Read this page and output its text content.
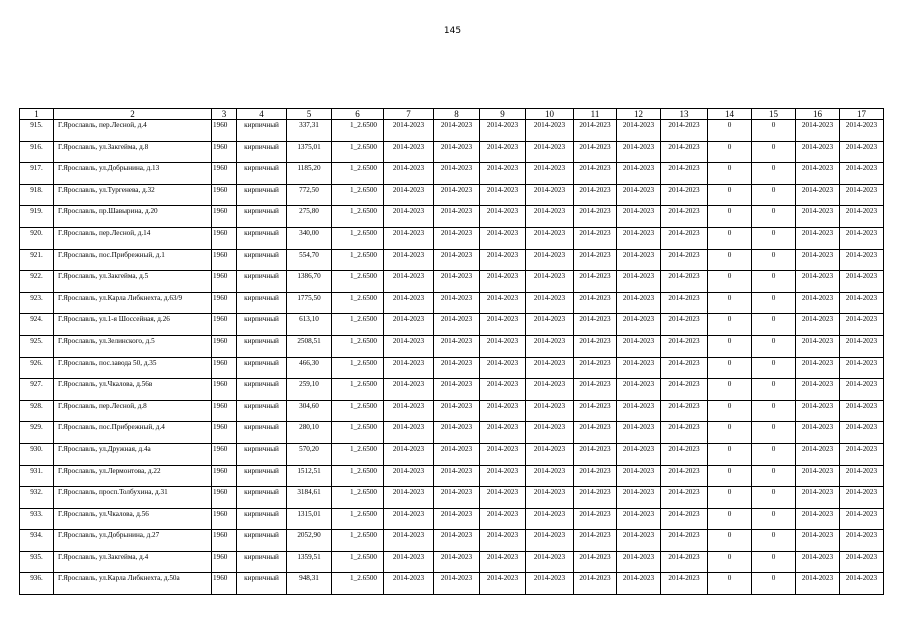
145
1	2	3	4	5	6	7	8	9	10	11	12	13	14	15	16	17
915.	Г.Ярославль, пер.Лесной, д.4	1960	кирпичный	337,31	1_2.6500	2014-2023	2014-2023	2014-2023	2014-2023	2014-2023	2014-2023	2014-2023	0	0	2014-2023	2014-2023
916.	Г.Ярославль, ул.Закгейма, д.8	1960	кирпичный	1375,01	1_2.6500	2014-2023	2014-2023	2014-2023	2014-2023	2014-2023	2014-2023	2014-2023	0	0	2014-2023	2014-2023
917.	Г.Ярославль, ул.Добрынина, д.13	1960	кирпичный	1185,20	1_2.6500	2014-2023	2014-2023	2014-2023	2014-2023	2014-2023	2014-2023	2014-2023	0	0	2014-2023	2014-2023
918.	Г.Ярославль, ул.Тургенева, д.32	1960	кирпичный	772,50	1_2.6500	2014-2023	2014-2023	2014-2023	2014-2023	2014-2023	2014-2023	2014-2023	0	0	2014-2023	2014-2023
919.	Г.Ярославль, пр.Шавырина, д.20	1960	кирпичный	275,80	1_2.6500	2014-2023	2014-2023	2014-2023	2014-2023	2014-2023	2014-2023	2014-2023	0	0	2014-2023	2014-2023
920.	Г.Ярославль, пер.Лесной, д.14	1960	кирпичный	340,00	1_2.6500	2014-2023	2014-2023	2014-2023	2014-2023	2014-2023	2014-2023	2014-2023	0	0	2014-2023	2014-2023
921.	Г.Ярославль, пос.Прибрежный, д.1	1960	кирпичный	554,70	1_2.6500	2014-2023	2014-2023	2014-2023	2014-2023	2014-2023	2014-2023	2014-2023	0	0	2014-2023	2014-2023
922.	Г.Ярославль, ул.Закгейма, д.5	1960	кирпичный	1386,70	1_2.6500	2014-2023	2014-2023	2014-2023	2014-2023	2014-2023	2014-2023	2014-2023	0	0	2014-2023	2014-2023
923.	Г.Ярославль, ул.Карла Либкнехта, д.63/9	1960	кирпичный	1775,50	1_2.6500	2014-2023	2014-2023	2014-2023	2014-2023	2014-2023	2014-2023	2014-2023	0	0	2014-2023	2014-2023
924.	Г.Ярославль, ул.1-я Шоссейная, д.26	1960	кирпичный	613,10	1_2.6500	2014-2023	2014-2023	2014-2023	2014-2023	2014-2023	2014-2023	2014-2023	0	0	2014-2023	2014-2023
925.	Г.Ярославль, ул.Зелинского, д.5	1960	кирпичный	2508,51	1_2.6500	2014-2023	2014-2023	2014-2023	2014-2023	2014-2023	2014-2023	2014-2023	0	0	2014-2023	2014-2023
926.	Г.Ярославль, пос.завода 50, д.35	1960	кирпичный	466,30	1_2.6500	2014-2023	2014-2023	2014-2023	2014-2023	2014-2023	2014-2023	2014-2023	0	0	2014-2023	2014-2023
927.	Г.Ярославль, ул.Чкалова, д.56в	1960	кирпичный	259,10	1_2.6500	2014-2023	2014-2023	2014-2023	2014-2023	2014-2023	2014-2023	2014-2023	0	0	2014-2023	2014-2023
928.	Г.Ярославль, пер.Лесной, д.8	1960	кирпичный	304,60	1_2.6500	2014-2023	2014-2023	2014-2023	2014-2023	2014-2023	2014-2023	2014-2023	0	0	2014-2023	2014-2023
929.	Г.Ярославль, пос.Прибрежный, д.4	1960	кирпичный	280,10	1_2.6500	2014-2023	2014-2023	2014-2023	2014-2023	2014-2023	2014-2023	2014-2023	0	0	2014-2023	2014-2023
930.	Г.Ярославль, ул.Дружная, д.4а	1960	кирпичный	570,20	1_2.6500	2014-2023	2014-2023	2014-2023	2014-2023	2014-2023	2014-2023	2014-2023	0	0	2014-2023	2014-2023
931.	Г.Ярославль, ул.Лермонтова, д.22	1960	кирпичный	1512,51	1_2.6500	2014-2023	2014-2023	2014-2023	2014-2023	2014-2023	2014-2023	2014-2023	0	0	2014-2023	2014-2023
932.	Г.Ярославль, просп.Толбухина, д.31	1960	кирпичный	3184,61	1_2.6500	2014-2023	2014-2023	2014-2023	2014-2023	2014-2023	2014-2023	2014-2023	0	0	2014-2023	2014-2023
933.	Г.Ярославль, ул.Чкалова, д.56	1960	кирпичный	1315,01	1_2.6500	2014-2023	2014-2023	2014-2023	2014-2023	2014-2023	2014-2023	2014-2023	0	0	2014-2023	2014-2023
934.	Г.Ярославль, ул.Добрынина, д.27	1960	кирпичный	2052,90	1_2.6500	2014-2023	2014-2023	2014-2023	2014-2023	2014-2023	2014-2023	2014-2023	0	0	2014-2023	2014-2023
935.	Г.Ярославль, ул.Закгейма, д.4	1960	кирпичный	1359,51	1_2.6500	2014-2023	2014-2023	2014-2023	2014-2023	2014-2023	2014-2023	2014-2023	0	0	2014-2023	2014-2023
936.	Г.Ярославль, ул.Карла Либкнехта, д.50а	1960	кирпичный	948,31	1_2.6500	2014-2023	2014-2023	2014-2023	2014-2023	2014-2023	2014-2023	2014-2023	0	0	2014-2023	2014-2023
